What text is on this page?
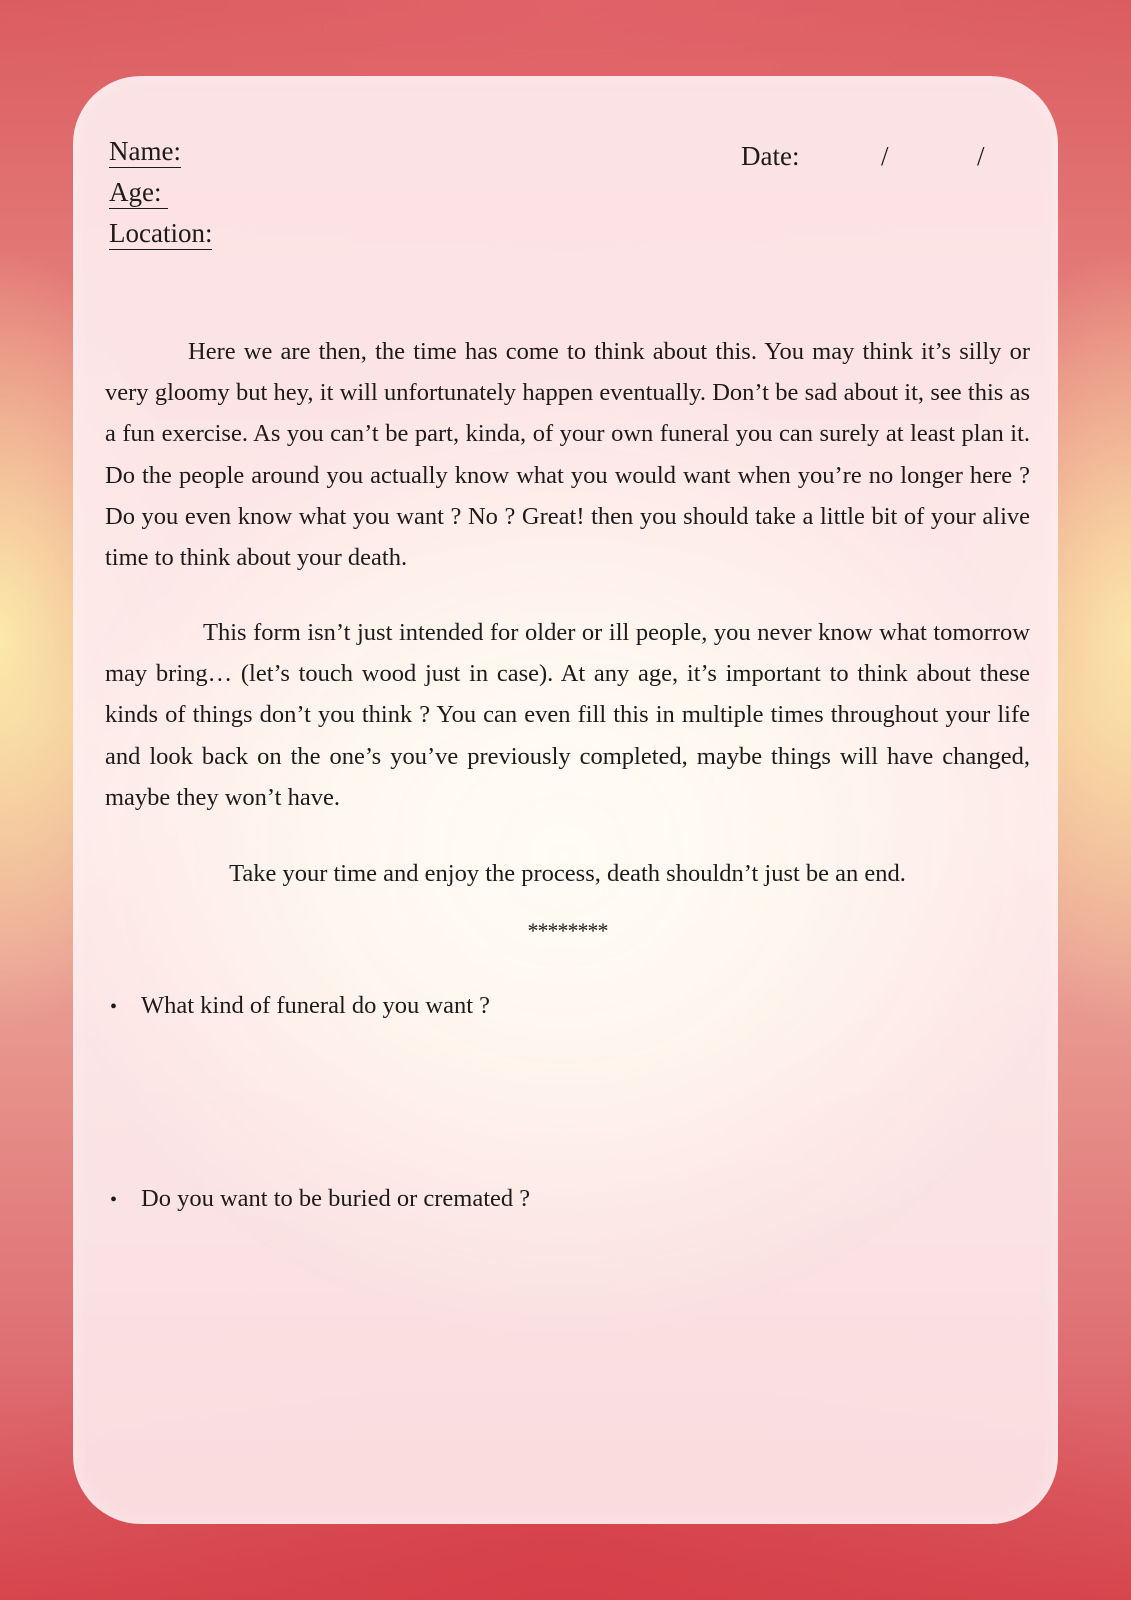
Name:
Age:
Location:
Date:	/	/

Here we are then, the time has come to think about this. You may think it’s silly or very gloomy but hey, it will unfortunately happen eventually. Don’t be sad about it, see this as a fun exercise. As you can’t be part, kinda, of your own funeral you can surely at least plan it. Do the people around you actually know what you would want when you’re no longer here ? Do you even know what you want ? No ? Great! then you should take a little bit of your alive time to think about your death.

This form isn’t just intended for older or ill people, you never know what tomorrow may bring… (let’s touch wood just in case). At any age, it’s important to think about these kinds of things don’t you think ? You can even fill this in multiple times throughout your life and look back on the one’s you’ve previously completed, maybe things will have changed, maybe they won’t have.

Take your time and enjoy the process, death shouldn’t just be an end.

********
• What kind of funeral do you want ?
• Do you want to be buried or cremated ?
